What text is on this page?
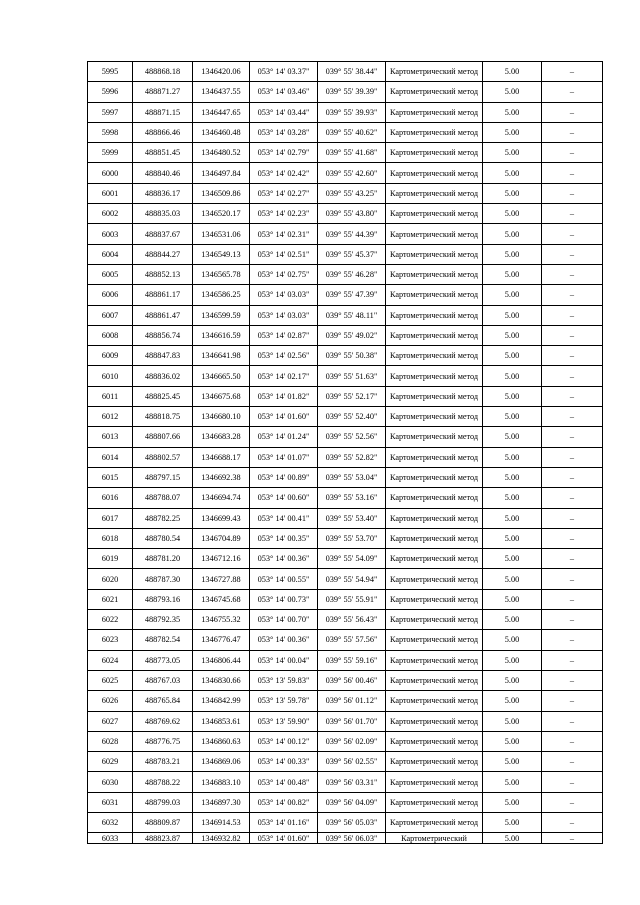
5995	488868.18	1346420.06	053° 14' 03.37"	039° 55' 38.44"	Картометрический метод	5.00	–
5996	488871.27	1346437.55	053° 14' 03.46"	039° 55' 39.39"	Картометрический метод	5.00	–
5997	488871.15	1346447.65	053° 14' 03.44"	039° 55' 39.93"	Картометрический метод	5.00	–
5998	488866.46	1346460.48	053° 14' 03.28"	039° 55' 40.62"	Картометрический метод	5.00	–
5999	488851.45	1346480.52	053° 14' 02.79"	039° 55' 41.68"	Картометрический метод	5.00	–
6000	488840.46	1346497.84	053° 14' 02.42"	039° 55' 42.60"	Картометрический метод	5.00	–
6001	488836.17	1346509.86	053° 14' 02.27"	039° 55' 43.25"	Картометрический метод	5.00	–
6002	488835.03	1346520.17	053° 14' 02.23"	039° 55' 43.80"	Картометрический метод	5.00	–
6003	488837.67	1346531.06	053° 14' 02.31"	039° 55' 44.39"	Картометрический метод	5.00	–
6004	488844.27	1346549.13	053° 14' 02.51"	039° 55' 45.37"	Картометрический метод	5.00	–
6005	488852.13	1346565.78	053° 14' 02.75"	039° 55' 46.28"	Картометрический метод	5.00	–
6006	488861.17	1346586.25	053° 14' 03.03"	039° 55' 47.39"	Картометрический метод	5.00	–
6007	488861.47	1346599.59	053° 14' 03.03"	039° 55' 48.11"	Картометрический метод	5.00	–
6008	488856.74	1346616.59	053° 14' 02.87"	039° 55' 49.02"	Картометрический метод	5.00	–
6009	488847.83	1346641.98	053° 14' 02.56"	039° 55' 50.38"	Картометрический метод	5.00	–
6010	488836.02	1346665.50	053° 14' 02.17"	039° 55' 51.63"	Картометрический метод	5.00	–
6011	488825.45	1346675.68	053° 14' 01.82"	039° 55' 52.17"	Картометрический метод	5.00	–
6012	488818.75	1346680.10	053° 14' 01.60"	039° 55' 52.40"	Картометрический метод	5.00	–
6013	488807.66	1346683.28	053° 14' 01.24"	039° 55' 52.56"	Картометрический метод	5.00	–
6014	488802.57	1346688.17	053° 14' 01.07"	039° 55' 52.82"	Картометрический метод	5.00	–
6015	488797.15	1346692.38	053° 14' 00.89"	039° 55' 53.04"	Картометрический метод	5.00	–
6016	488788.07	1346694.74	053° 14' 00.60"	039° 55' 53.16"	Картометрический метод	5.00	–
6017	488782.25	1346699.43	053° 14' 00.41"	039° 55' 53.40"	Картометрический метод	5.00	–
6018	488780.54	1346704.89	053° 14' 00.35"	039° 55' 53.70"	Картометрический метод	5.00	–
6019	488781.20	1346712.16	053° 14' 00.36"	039° 55' 54.09"	Картометрический метод	5.00	–
6020	488787.30	1346727.88	053° 14' 00.55"	039° 55' 54.94"	Картометрический метод	5.00	–
6021	488793.16	1346745.68	053° 14' 00.73"	039° 55' 55.91"	Картометрический метод	5.00	–
6022	488792.35	1346755.32	053° 14' 00.70"	039° 55' 56.43"	Картометрический метод	5.00	–
6023	488782.54	1346776.47	053° 14' 00.36"	039° 55' 57.56"	Картометрический метод	5.00	–
6024	488773.05	1346806.44	053° 14' 00.04"	039° 55' 59.16"	Картометрический метод	5.00	–
6025	488767.03	1346830.66	053° 13' 59.83"	039° 56' 00.46"	Картометрический метод	5.00	–
6026	488765.84	1346842.99	053° 13' 59.78"	039° 56' 01.12"	Картометрический метод	5.00	–
6027	488769.62	1346853.61	053° 13' 59.90"	039° 56' 01.70"	Картометрический метод	5.00	–
6028	488776.75	1346860.63	053° 14' 00.12"	039° 56' 02.09"	Картометрический метод	5.00	–
6029	488783.21	1346869.06	053° 14' 00.33"	039° 56' 02.55"	Картометрический метод	5.00	–
6030	488788.22	1346883.10	053° 14' 00.48"	039° 56' 03.31"	Картометрический метод	5.00	–
6031	488799.03	1346897.30	053° 14' 00.82"	039° 56' 04.09"	Картометрический метод	5.00	–
6032	488809.87	1346914.53	053° 14' 01.16"	039° 56' 05.03"	Картометрический метод	5.00	–
6033	488823.87	1346932.82	053° 14' 01.60"	039° 56' 06.03"	Картометрический	5.00	–
